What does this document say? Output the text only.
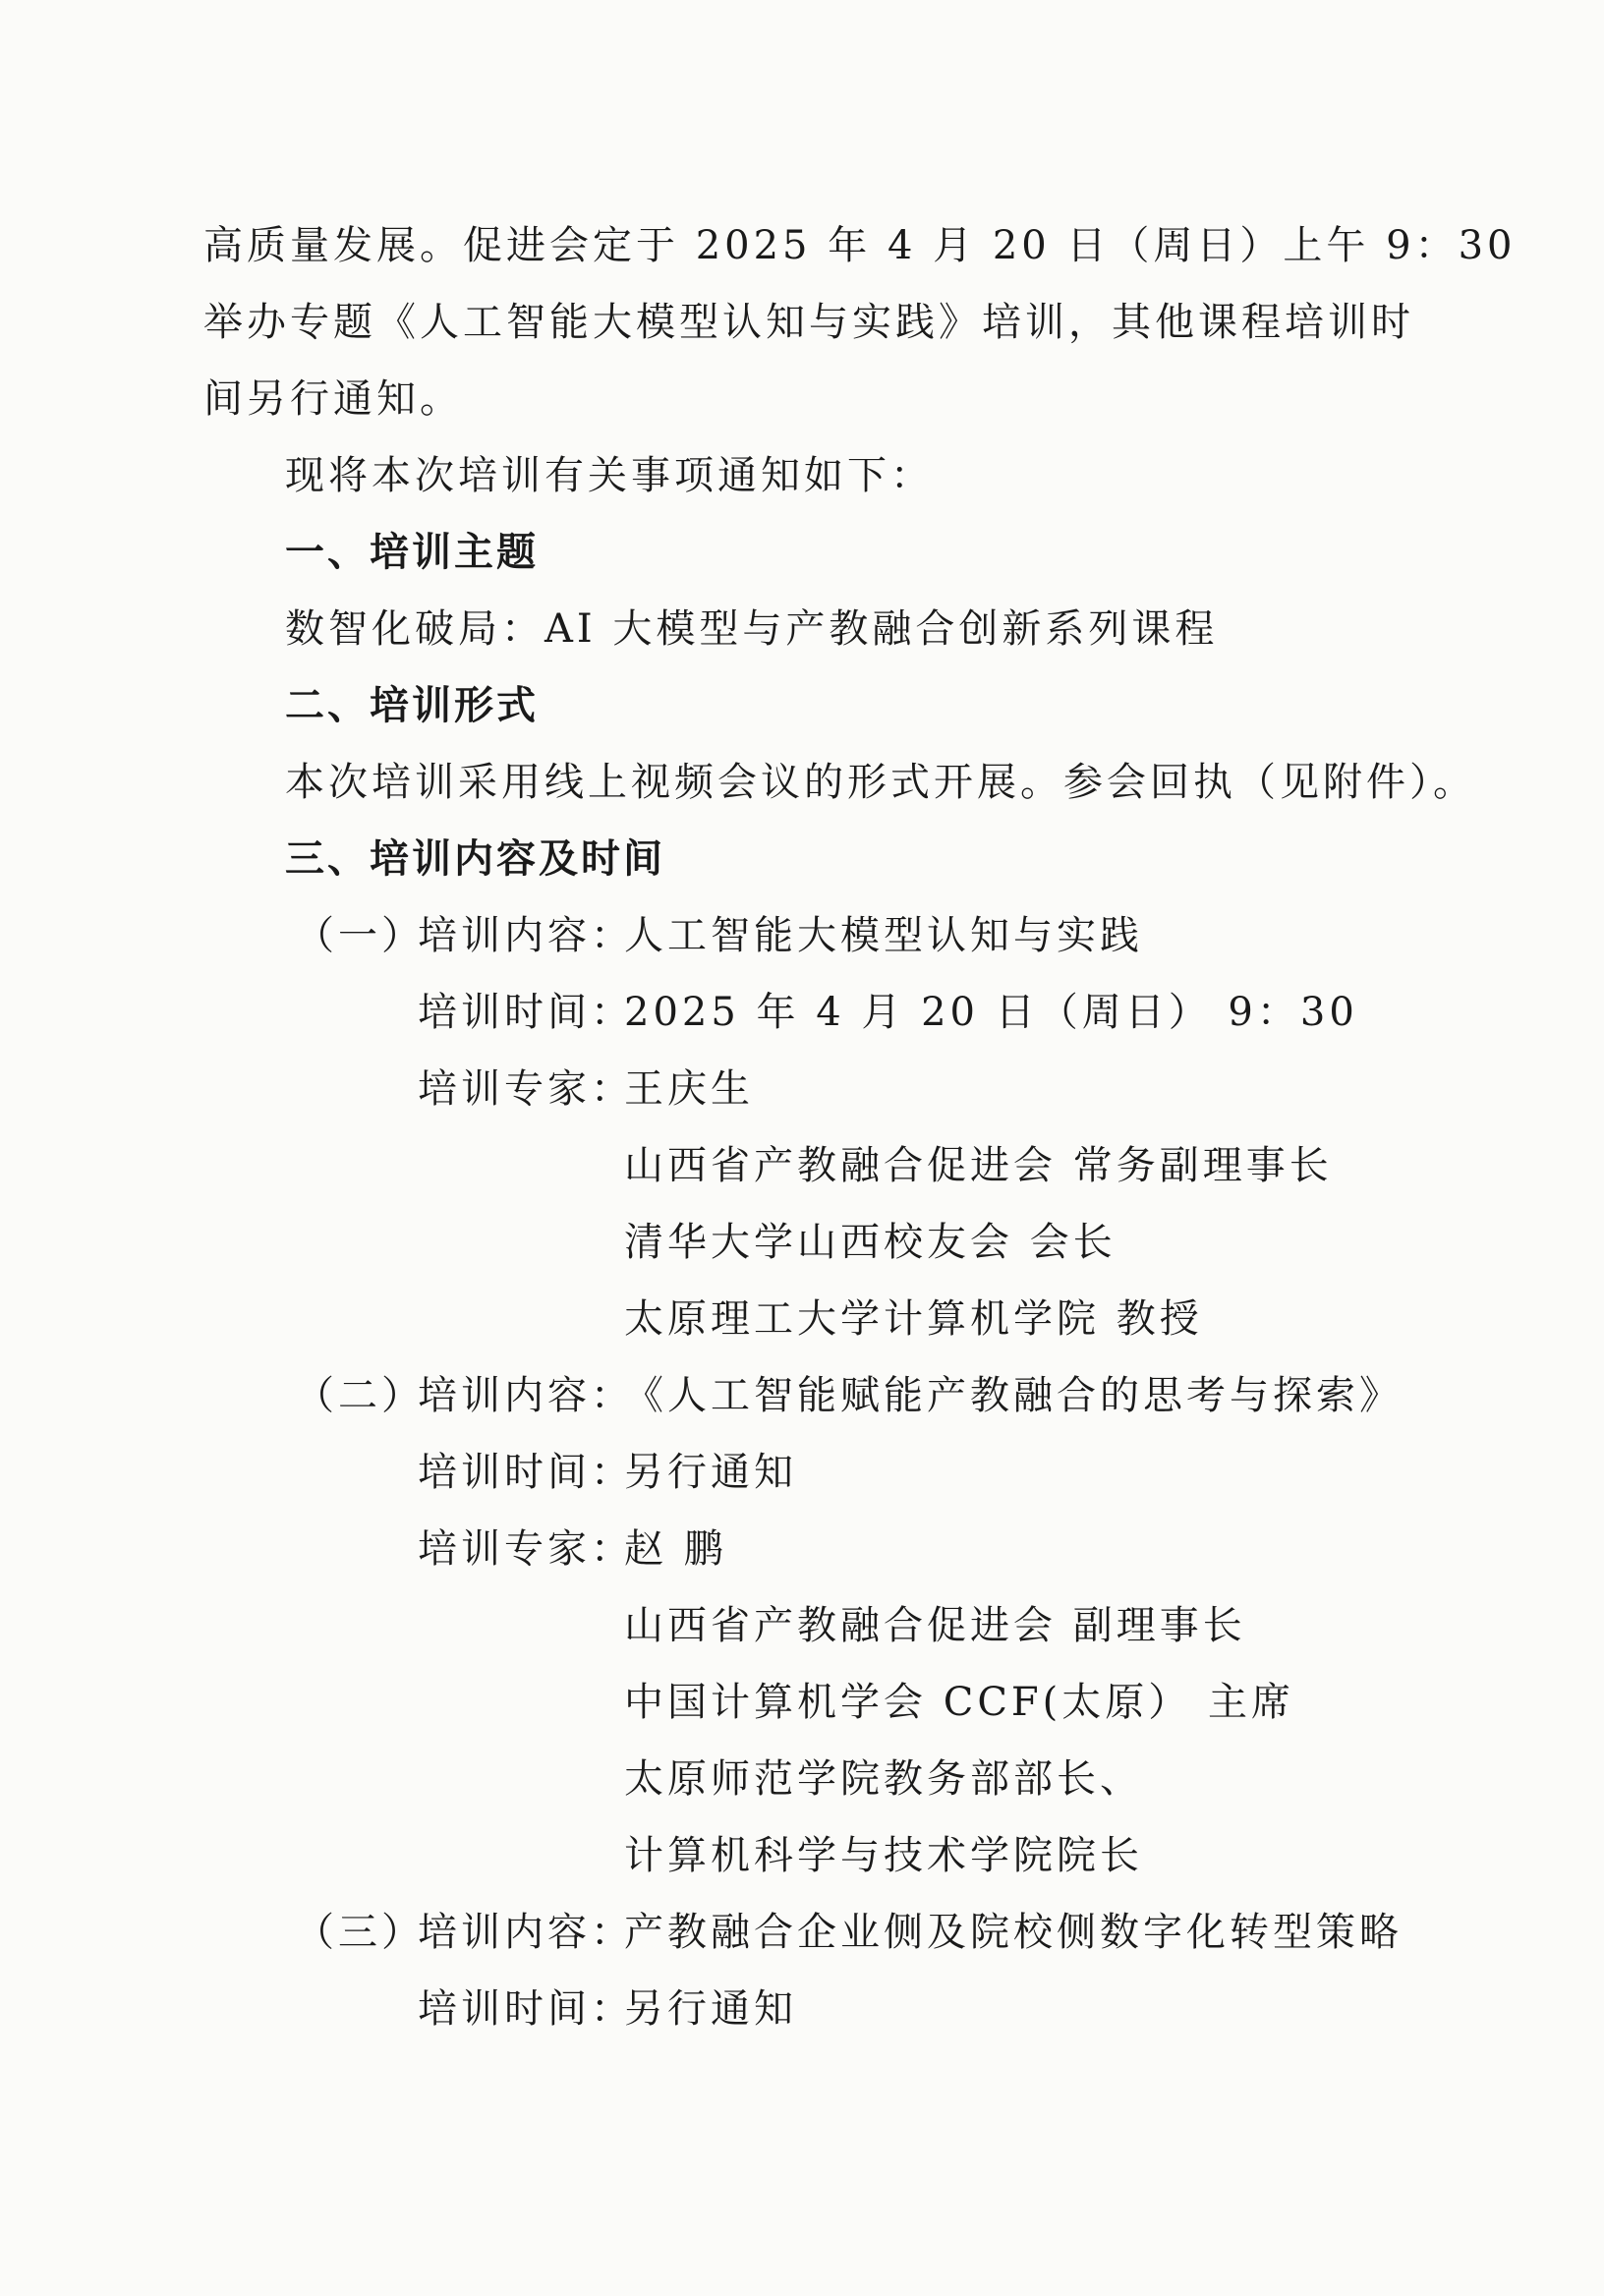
高质量发展。促进会定于 2025 年 4 月 20 日（周日）上午 9：30

举办专题《人工智能大模型认知与实践》培训，其他课程培训时

间另行通知。

现将本次培训有关事项通知如下：

一、培训主题

数智化破局：AI 大模型与产教融合创新系列课程

二、培训形式

本次培训采用线上视频会议的形式开展。参会回执（见附件）。

三、培训内容及时间

（一）

培训内容：

人工智能大模型认知与实践

培训时间：

2025 年 4 月 20 日（周日） 9：30

培训专家：

王庆生

山西省产教融合促进会 常务副理事长

清华大学山西校友会 会长

太原理工大学计算机学院 教授

（二）

培训内容：

《人工智能赋能产教融合的思考与探索》

培训时间：

另行通知

培训专家：

赵 鹏

山西省产教融合促进会 副理事长

中国计算机学会 CCF(太原） 主席

太原师范学院教务部部长、

计算机科学与技术学院院长

（三）

培训内容：

产教融合企业侧及院校侧数字化转型策略

培训时间：

另行通知
